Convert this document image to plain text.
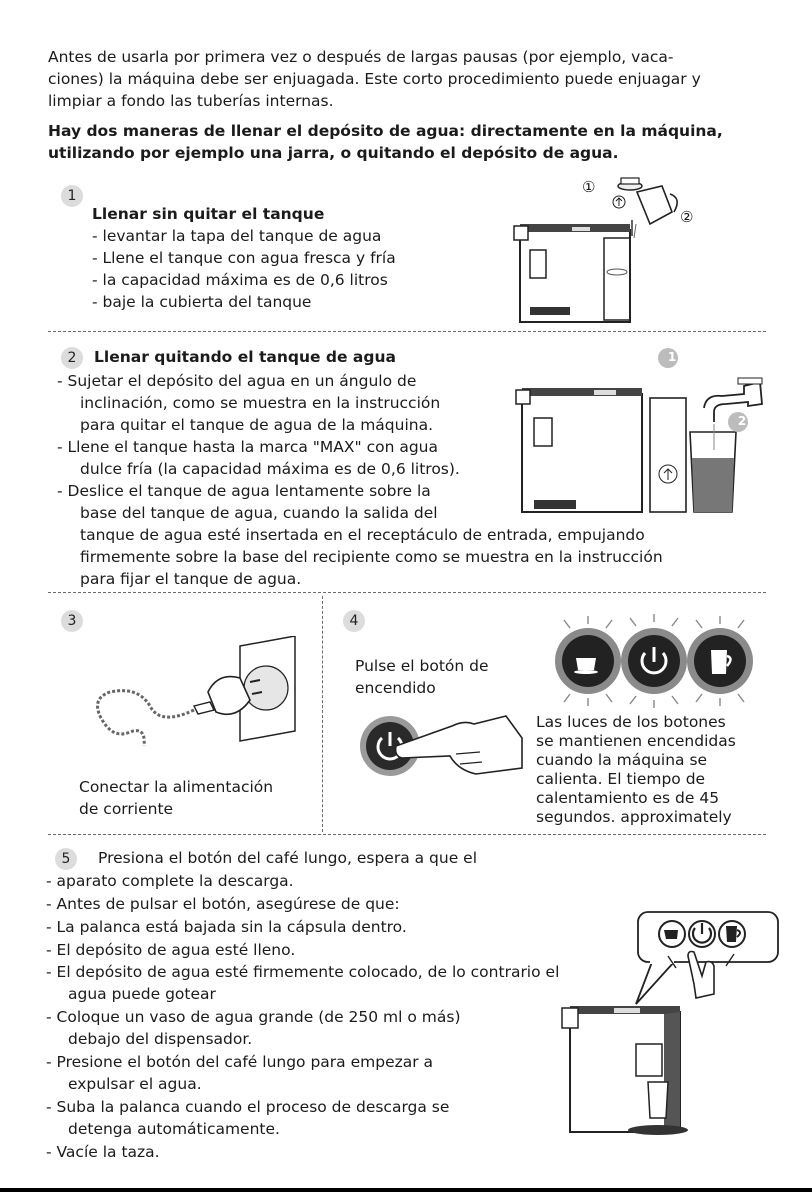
Antes de usarla por primera vez o después de largas pausas (por ejemplo, vaca-
ciones) la máquina debe ser enjuagada. Este corto procedimiento puede enjuagar y
limpiar a fondo las tuberías internas.
Hay dos maneras de llenar el depósito de agua: directamente en la máquina,
utilizando por ejemplo una jarra, o quitando el depósito de agua.
1
Llenar sin quitar el tanque
- levantar la tapa del tanque de agua
- Llene el tanque con agua fresca y fría
- la capacidad máxima es de 0,6 litros
- baje la cubierta del tanque
①
②
2	Llenar quitando el tanque de agua
- Sujetar el depósito del agua en un ángulo de
inclinación, como se muestra en la instrucción
para quitar el tanque de agua de la máquina.
- Llene el tanque hasta la marca "MAX" con agua
dulce fría (la capacidad máxima es de 0,6 litros).
- Deslice el tanque de agua lentamente sobre la
base del tanque de agua, cuando la salida del
tanque de agua esté insertada en el receptáculo de entrada, empujando
firmemente sobre la base del recipiente como se muestra en la instrucción
para fijar el tanque de agua.
1
2
3
Conectar la alimentación
de corriente
4
Pulse el botón de
encendido
Las luces de los botones
se mantienen encendidas
cuando la máquina se
calienta. El tiempo de
calentamiento es de 45
segundos. approximately
5	Presiona el botón del café lungo, espera a que el
- aparato complete la descarga.
- Antes de pulsar el botón, asegúrese de que:
- La palanca está bajada sin la cápsula dentro.
- El depósito de agua esté lleno.
- El depósito de agua esté firmemente colocado, de lo contrario el
agua puede gotear
- Coloque un vaso de agua grande (de 250 ml o más)
debajo del dispensador.
- Presione el botón del café lungo para empezar a
expulsar el agua.
- Suba la palanca cuando el proceso de descarga se
detenga automáticamente.
- Vacíe la taza.
